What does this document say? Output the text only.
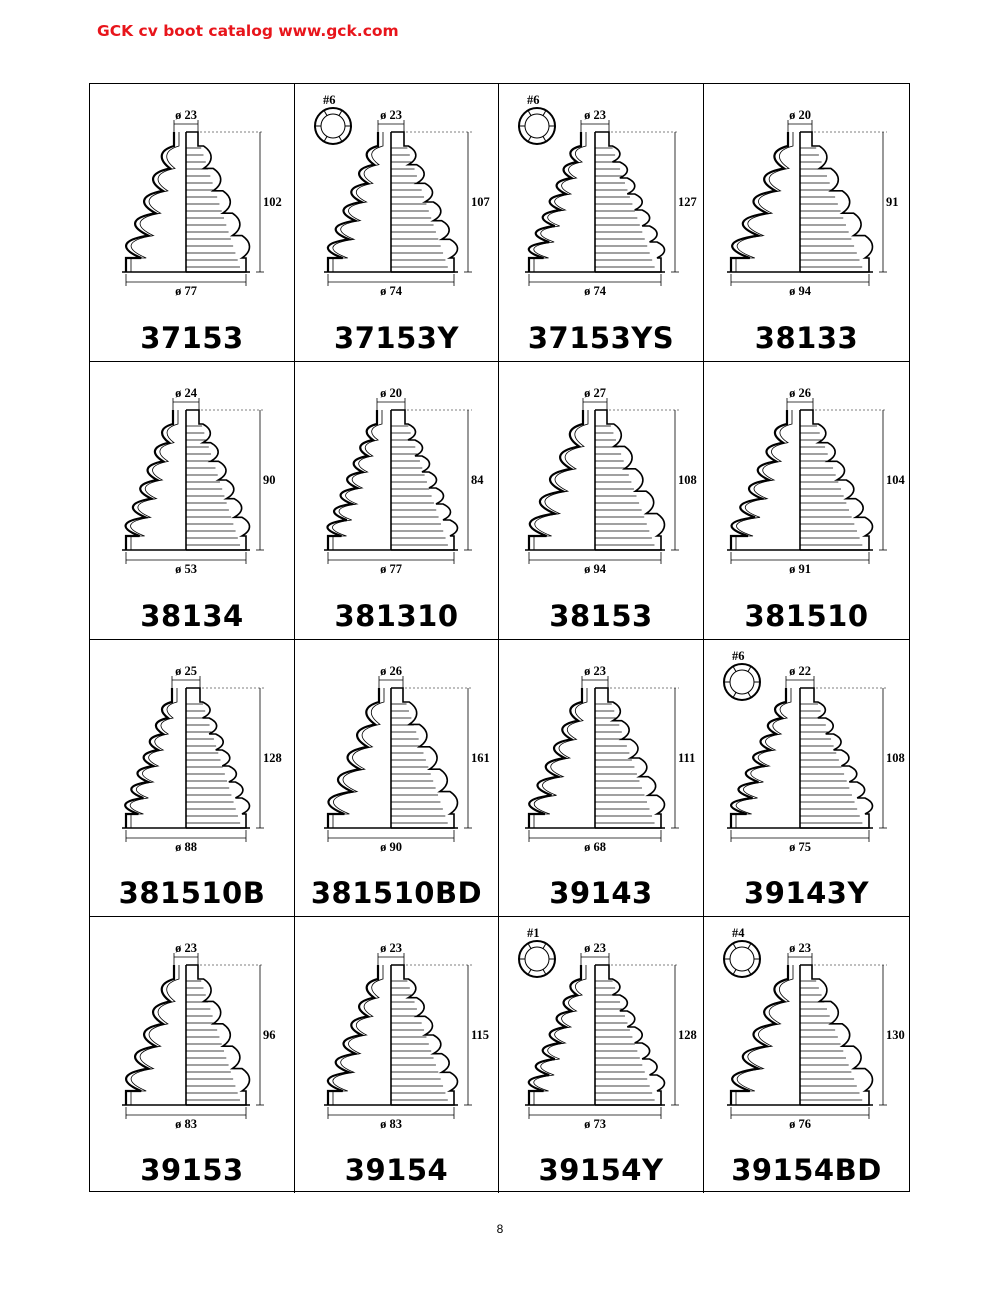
GCK cv boot catalog www.gck.com
ø 23
ø 77
102
37153
ø 23
ø 74
107
#6
37153Y
ø 23
ø 74
127
#6
37153YS
ø 20
ø 94
91
38133
ø 24
ø 53
90
38134
ø 20
ø 77
84
381310
ø 27
ø 94
108
38153
ø 26
ø 91
104
381510
ø 25
ø 88
128
381510B
ø 26
ø 90
161
381510BD
ø 23
ø 68
111
39143
ø 22
ø 75
108
#6
39143Y
ø 23
ø 83
96
39153
ø 23
ø 83
115
39154
ø 23
ø 73
128
#1
39154Y
ø 23
ø 76
130
#4
39154BD
8
